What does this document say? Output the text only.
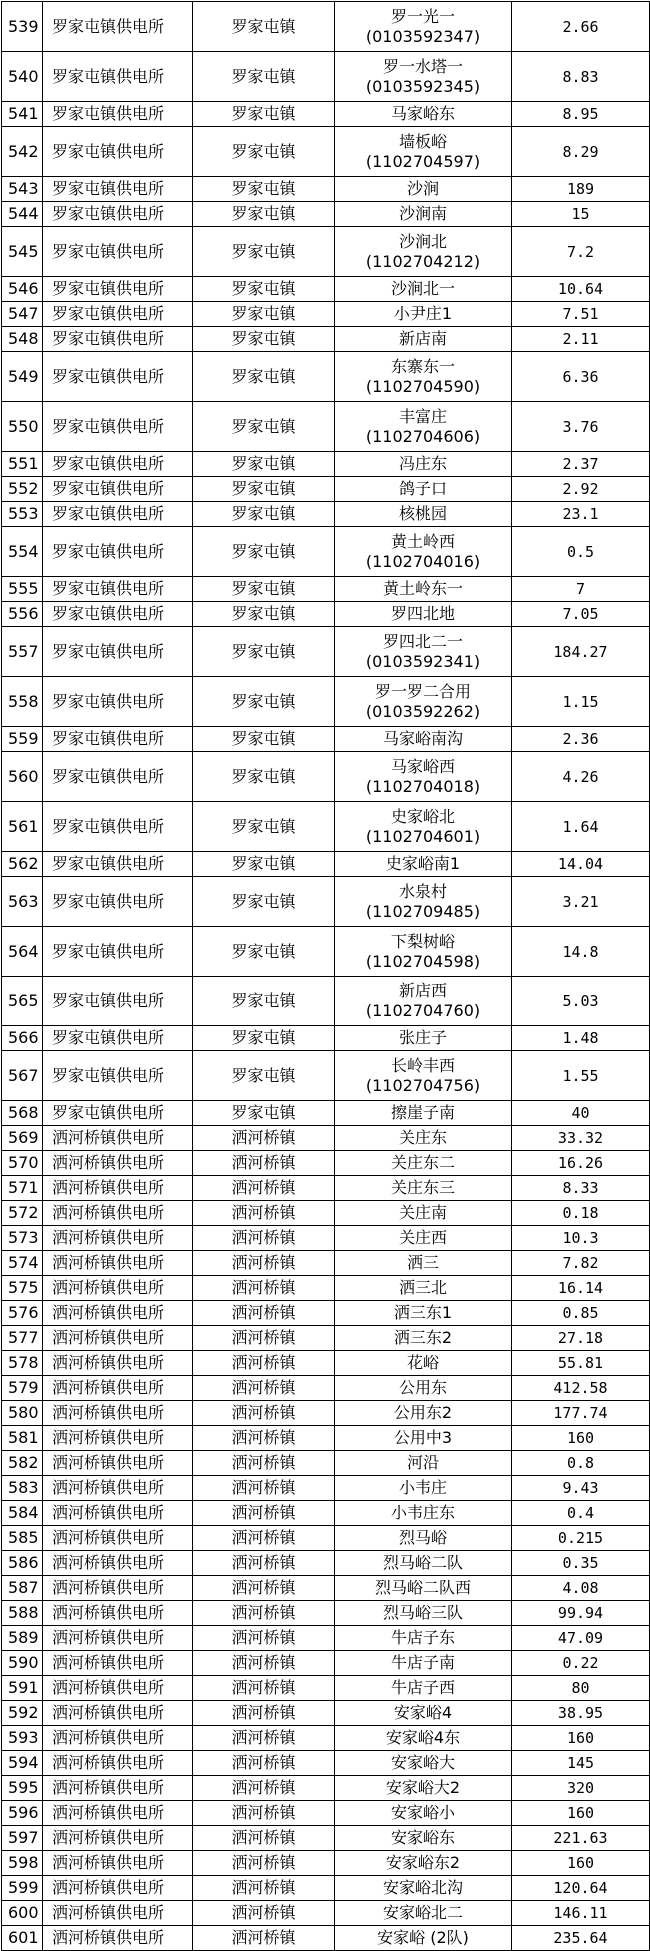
539	罗家屯镇供电所	罗家屯镇	罗一光一
(0103592347)	2.66
540	罗家屯镇供电所	罗家屯镇	罗一水塔一
(0103592345)	8.83
541	罗家屯镇供电所	罗家屯镇	马家峪东	8.95
542	罗家屯镇供电所	罗家屯镇	墙板峪
(1102704597)	8.29
543	罗家屯镇供电所	罗家屯镇	沙涧	189
544	罗家屯镇供电所	罗家屯镇	沙涧南	15
545	罗家屯镇供电所	罗家屯镇	沙涧北
(1102704212)	7.2
546	罗家屯镇供电所	罗家屯镇	沙涧北一	10.64
547	罗家屯镇供电所	罗家屯镇	小尹庄1	7.51
548	罗家屯镇供电所	罗家屯镇	新店南	2.11
549	罗家屯镇供电所	罗家屯镇	东寨东一
(1102704590)	6.36
550	罗家屯镇供电所	罗家屯镇	丰富庄
(1102704606)	3.76
551	罗家屯镇供电所	罗家屯镇	冯庄东	2.37
552	罗家屯镇供电所	罗家屯镇	鸽子口	2.92
553	罗家屯镇供电所	罗家屯镇	核桃园	23.1
554	罗家屯镇供电所	罗家屯镇	黄土岭西
(1102704016)	0.5
555	罗家屯镇供电所	罗家屯镇	黄土岭东一	7
556	罗家屯镇供电所	罗家屯镇	罗四北地	7.05
557	罗家屯镇供电所	罗家屯镇	罗四北二一
(0103592341)	184.27
558	罗家屯镇供电所	罗家屯镇	罗一罗二合用
(0103592262)	1.15
559	罗家屯镇供电所	罗家屯镇	马家峪南沟	2.36
560	罗家屯镇供电所	罗家屯镇	马家峪西
(1102704018)	4.26
561	罗家屯镇供电所	罗家屯镇	史家峪北
(1102704601)	1.64
562	罗家屯镇供电所	罗家屯镇	史家峪南1	14.04
563	罗家屯镇供电所	罗家屯镇	水泉村
(1102709485)	3.21
564	罗家屯镇供电所	罗家屯镇	下梨树峪
(1102704598)	14.8
565	罗家屯镇供电所	罗家屯镇	新店西
(1102704760)	5.03
566	罗家屯镇供电所	罗家屯镇	张庄子	1.48
567	罗家屯镇供电所	罗家屯镇	长岭丰西
(1102704756)	1.55
568	罗家屯镇供电所	罗家屯镇	擦崖子南	40
569	洒河桥镇供电所	洒河桥镇	关庄东	33.32
570	洒河桥镇供电所	洒河桥镇	关庄东二	16.26
571	洒河桥镇供电所	洒河桥镇	关庄东三	8.33
572	洒河桥镇供电所	洒河桥镇	关庄南	0.18
573	洒河桥镇供电所	洒河桥镇	关庄西	10.3
574	洒河桥镇供电所	洒河桥镇	洒三	7.82
575	洒河桥镇供电所	洒河桥镇	洒三北	16.14
576	洒河桥镇供电所	洒河桥镇	洒三东1	0.85
577	洒河桥镇供电所	洒河桥镇	洒三东2	27.18
578	洒河桥镇供电所	洒河桥镇	花峪	55.81
579	洒河桥镇供电所	洒河桥镇	公用东	412.58
580	洒河桥镇供电所	洒河桥镇	公用东2	177.74
581	洒河桥镇供电所	洒河桥镇	公用中3	160
582	洒河桥镇供电所	洒河桥镇	河沿	0.8
583	洒河桥镇供电所	洒河桥镇	小韦庄	9.43
584	洒河桥镇供电所	洒河桥镇	小韦庄东	0.4
585	洒河桥镇供电所	洒河桥镇	烈马峪	0.215
586	洒河桥镇供电所	洒河桥镇	烈马峪二队	0.35
587	洒河桥镇供电所	洒河桥镇	烈马峪二队西	4.08
588	洒河桥镇供电所	洒河桥镇	烈马峪三队	99.94
589	洒河桥镇供电所	洒河桥镇	牛店子东	47.09
590	洒河桥镇供电所	洒河桥镇	牛店子南	0.22
591	洒河桥镇供电所	洒河桥镇	牛店子西	80
592	洒河桥镇供电所	洒河桥镇	安家峪4	38.95
593	洒河桥镇供电所	洒河桥镇	安家峪4东	160
594	洒河桥镇供电所	洒河桥镇	安家峪大	145
595	洒河桥镇供电所	洒河桥镇	安家峪大2	320
596	洒河桥镇供电所	洒河桥镇	安家峪小	160
597	洒河桥镇供电所	洒河桥镇	安家峪东	221.63
598	洒河桥镇供电所	洒河桥镇	安家峪东2	160
599	洒河桥镇供电所	洒河桥镇	安家峪北沟	120.64
600	洒河桥镇供电所	洒河桥镇	安家峪北二	146.11
601	洒河桥镇供电所	洒河桥镇	安家峪 (2队)	235.64
